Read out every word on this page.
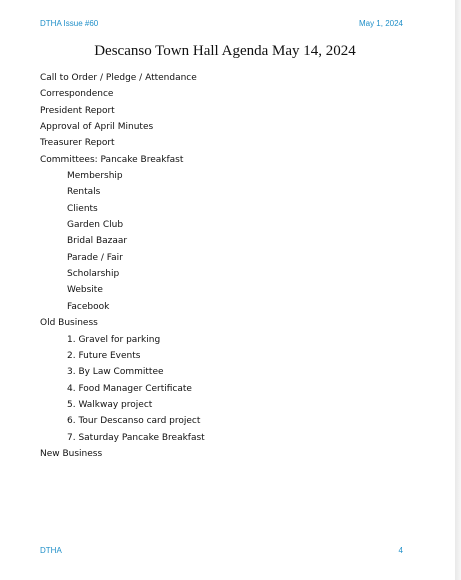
DTHA Issue #60	May 1, 2024
Descanso Town Hall Agenda May 14, 2024
Call to Order / Pledge / Attendance
Correspondence
President Report
Approval of April Minutes
Treasurer Report
Committees: Pancake Breakfast
Membership
Rentals
Clients
Garden Club
Bridal Bazaar
Parade / Fair
Scholarship
Website
Facebook
Old Business
1. Gravel for parking
2. Future Events
3. By Law Committee
4. Food Manager Certificate
5. Walkway project
6. Tour Descanso card project
7. Saturday Pancake Breakfast
New Business
DTHA	4
